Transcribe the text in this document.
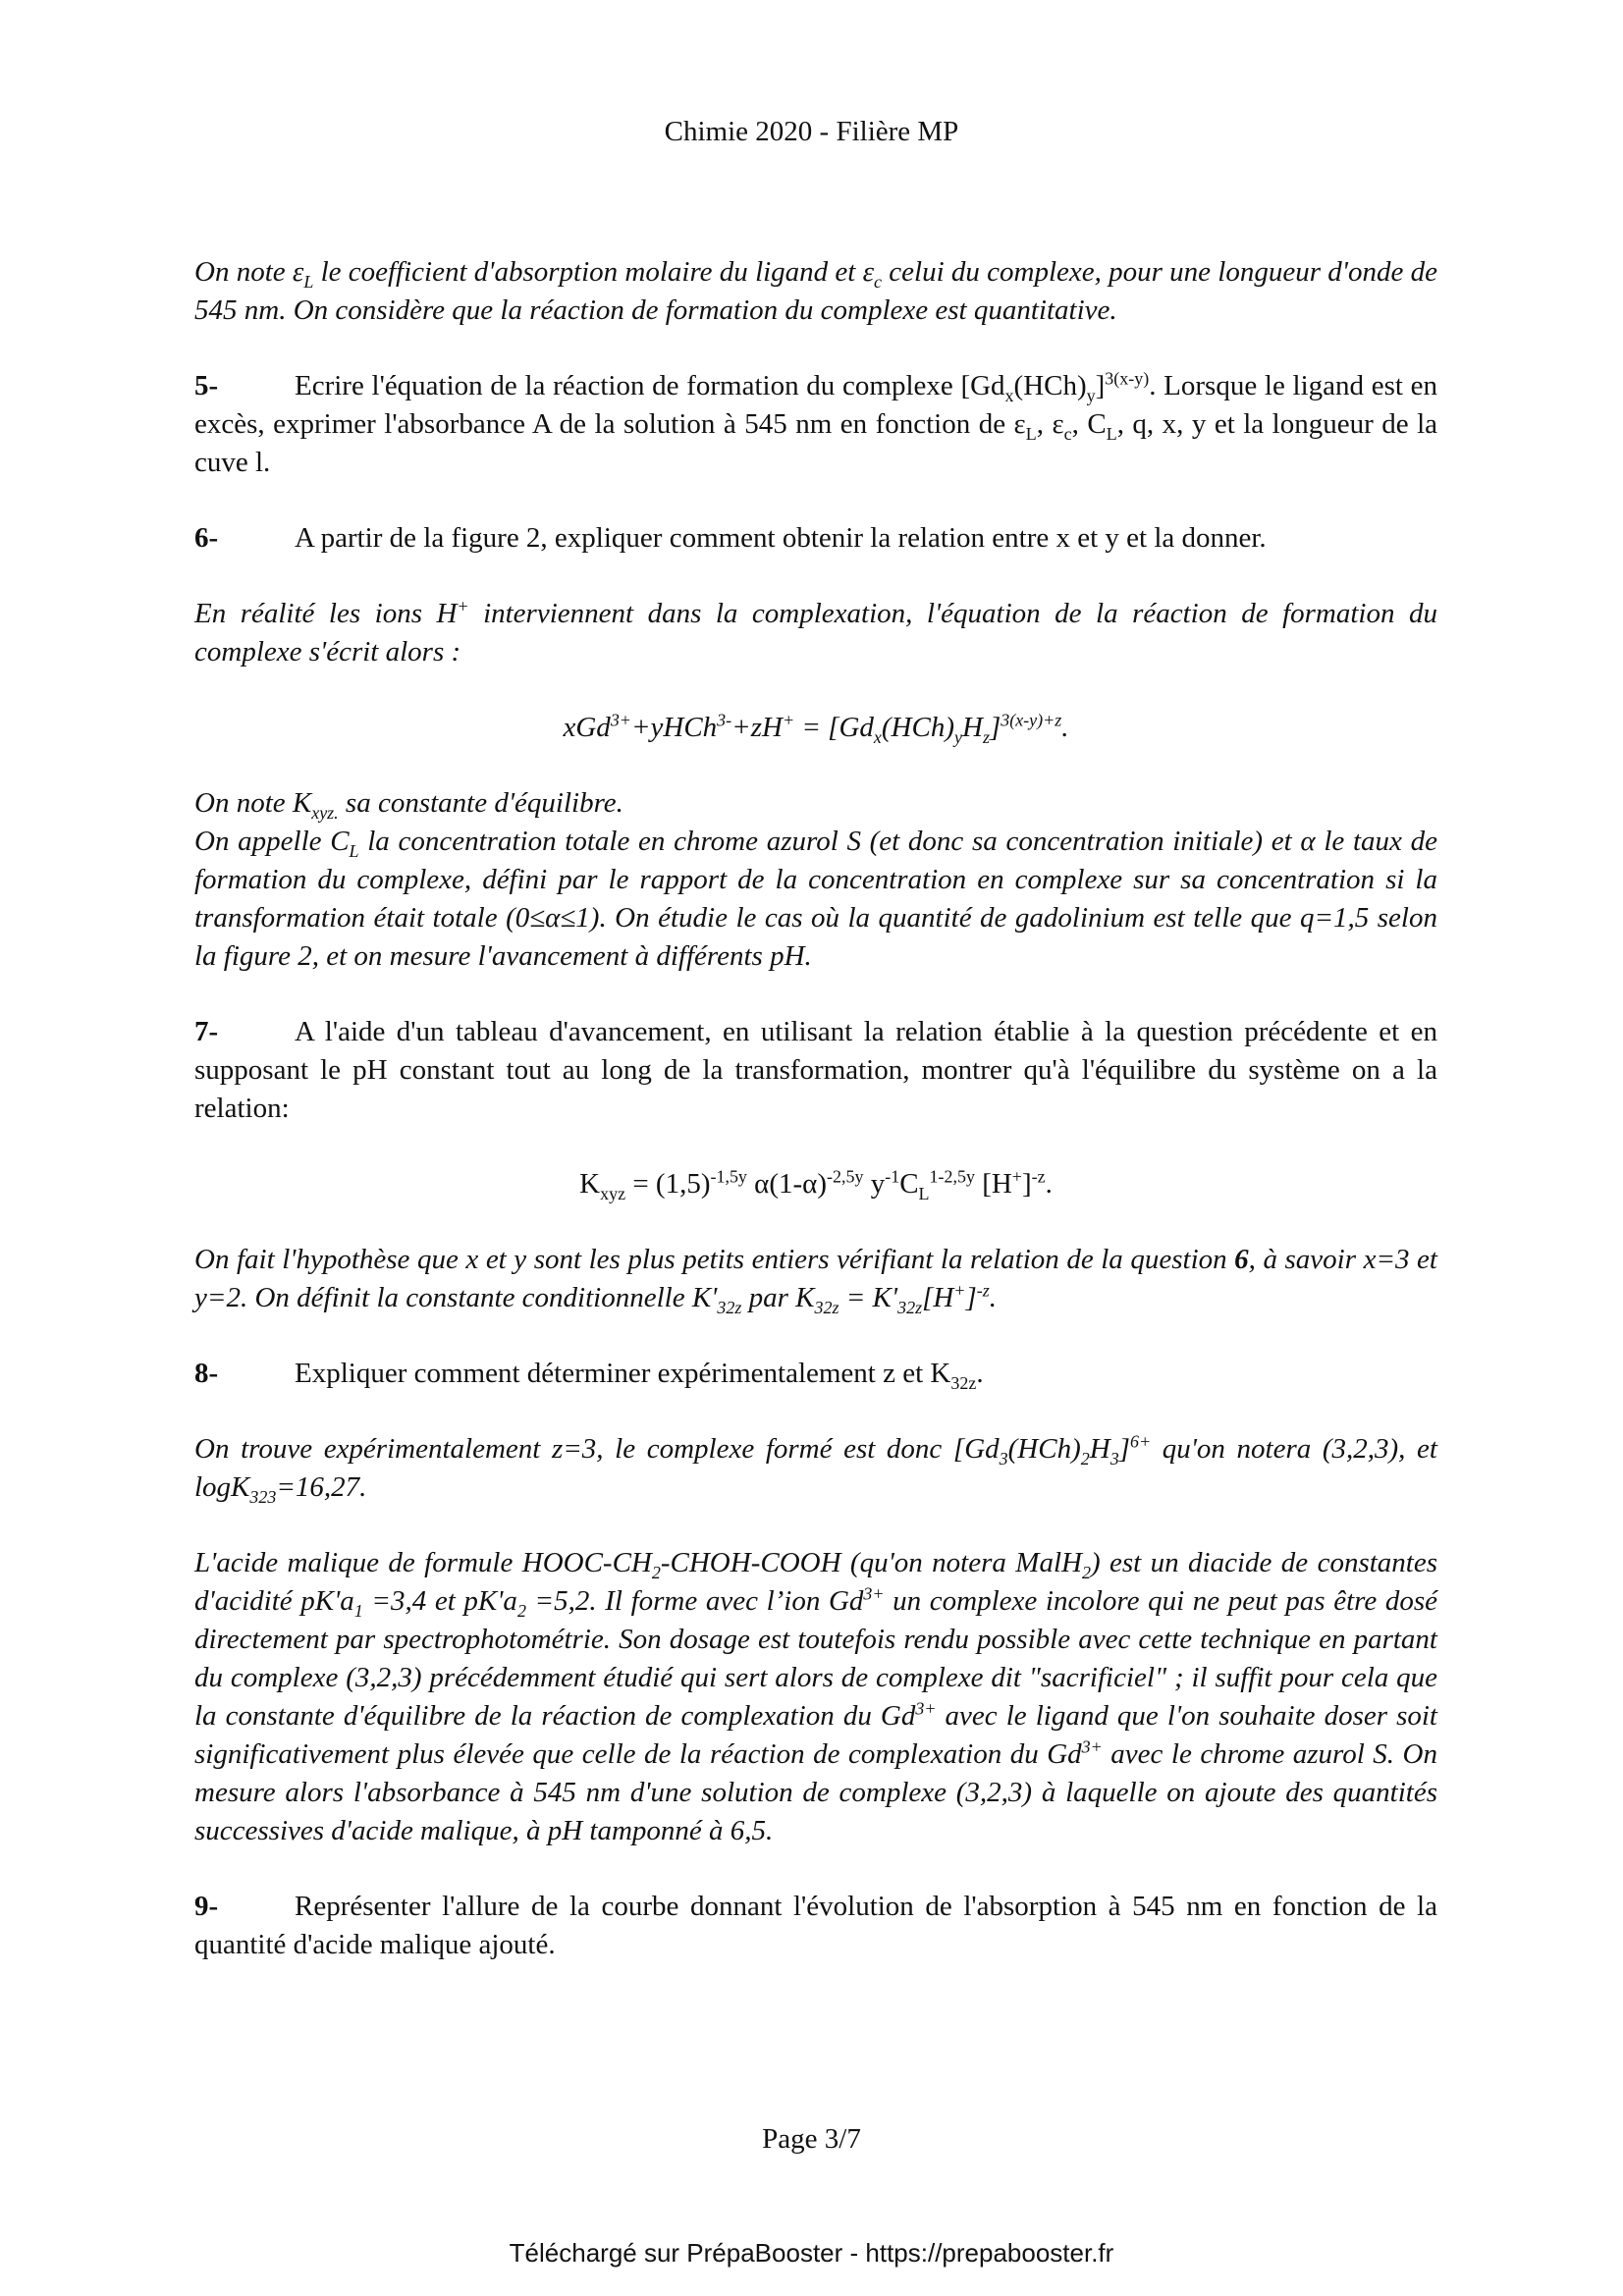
Chimie 2020 - Filière MP

On note $\varepsilon_L$ le coefficient d'absorption molaire du ligand et $\varepsilon_c$ celui du complexe, pour une longueur d'onde de 545 nm. On considère que la réaction de formation du complexe est quantitative.

5-	Ecrire l'équation de la réaction de formation du complexe $[Gd_x(HCh)_y]^{3(x-y)}$. Lorsque le ligand est en excès, exprimer l'absorbance A de la solution à 545 nm en fonction de $\varepsilon_L$, $\varepsilon_c$, $C_L$, q, x, y et la longueur de la cuve l.

6-	A partir de la figure 2, expliquer comment obtenir la relation entre x et y et la donner.

En réalité les ions H+ interviennent dans la complexation, l'équation de la réaction de formation du complexe s'écrit alors :

xGd$^{3+}$+yHCh$^{3-}$+zH+ = $[Gd_x(HCh)_yH_z]^{3(x-y)+z}$.

On note $K_{xyz.}$ sa constante d'équilibre.

On appelle $C_L$ la concentration totale en chrome azurol S (et donc sa concentration initiale) et α le taux de formation du complexe, défini par le rapport de la concentration en complexe sur sa concentration si la transformation était totale (0≤α≤1). On étudie le cas où la quantité de gadolinium est telle que q=1,5 selon la figure 2, et on mesure l'avancement à différents pH.

7-	A l'aide d'un tableau d'avancement, en utilisant la relation établie à la question précédente et en supposant le pH constant tout au long de la transformation, montrer qu'à l'équilibre du système on a la relation:

$K_{xyz} = (1,5)^{-1,5y}$ $\alpha(1-\alpha)^{-2,5y}$ $y^{-1}C_L^{1-2,5y}$ $[H^+]^{-z}$.

On fait l'hypothèse que x et y sont les plus petits entiers vérifiant la relation de la question 6, à savoir x=3 et y=2. On définit la constante conditionnelle $K'_{32z}$ par $K_{32z} = K'_{32z}[H^+]^{-z}$.

8-	Expliquer comment déterminer expérimentalement z et $K_{32z}$.

On trouve expérimentalement z=3, le complexe formé est donc $[Gd_3(HCh)_2H_3]^{6+}$ qu'on notera (3,2,3), et logK$_{323}$=16,27.

L'acide malique de formule HOOC-$CH_2-CHOH$-COOH (qu'on notera MalH$_2$) est un diacide de constantes d'acidité $pK'a_1 =3,4$ et $pK'a_2 =5,2$. Il forme avec l’ion $Gd^{3+}$ un complexe incolore qui ne peut pas être dosé directement par spectrophotométrie. Son dosage est toutefois rendu possible avec cette technique en partant du complexe (3,2,3) précédemment étudié qui sert alors de complexe dit "sacrificiel" ; il suffit pour cela que la constante d'équilibre de la réaction de complexation du $Gd^{3+}$ avec le ligand que l'on souhaite doser soit significativement plus élevée que celle de la réaction de complexation du $Gd^{3+}$ avec le chrome azurol S. On mesure alors l'absorbance à 545 nm d'une solution de complexe (3,2,3) à laquelle on ajoute des quantités successives d'acide malique, à pH tamponné à 6,5.

9-	Représenter l'allure de la courbe donnant l'évolution de l'absorption à 545 nm en fonction de la quantité d'acide malique ajouté.

Page 3/7
Téléchargé sur PrépaBooster - https://prepabooster.fr
